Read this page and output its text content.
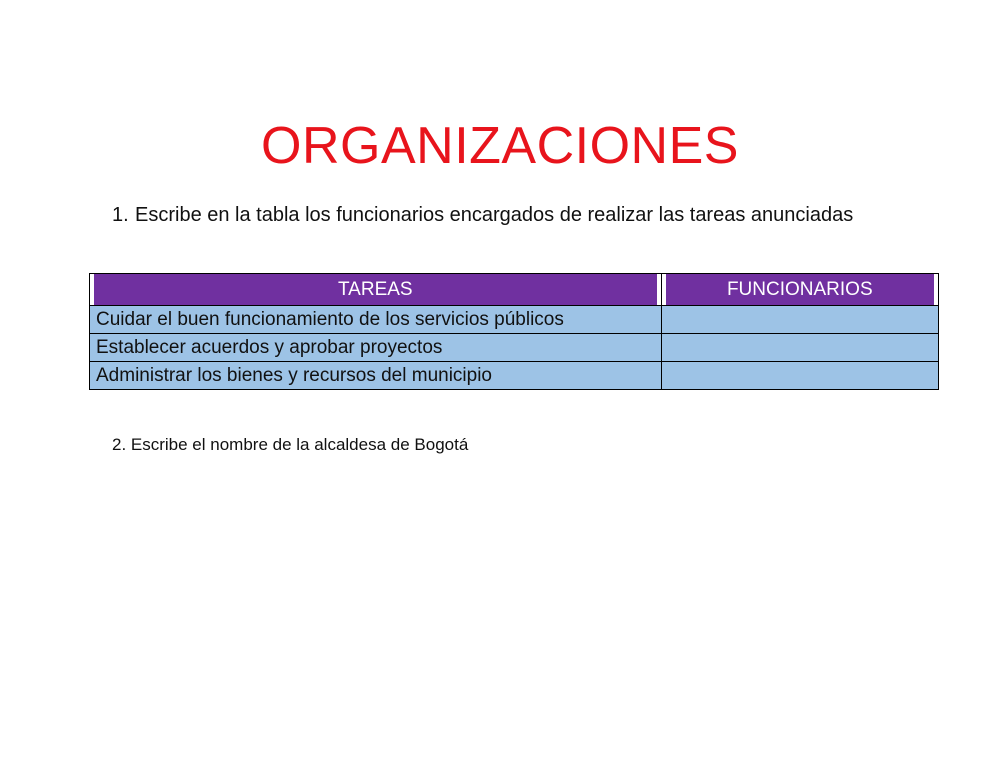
ORGANIZACIONES
1. Escribe en la tabla los funcionarios encargados de realizar las tareas anunciadas
TAREAS	FUNCIONARIOS
Cuidar el buen funcionamiento de los servicios públicos	
Establecer acuerdos y aprobar proyectos	
Administrar los bienes y recursos del municipio	
2. Escribe el nombre de la alcaldesa de Bogotá
